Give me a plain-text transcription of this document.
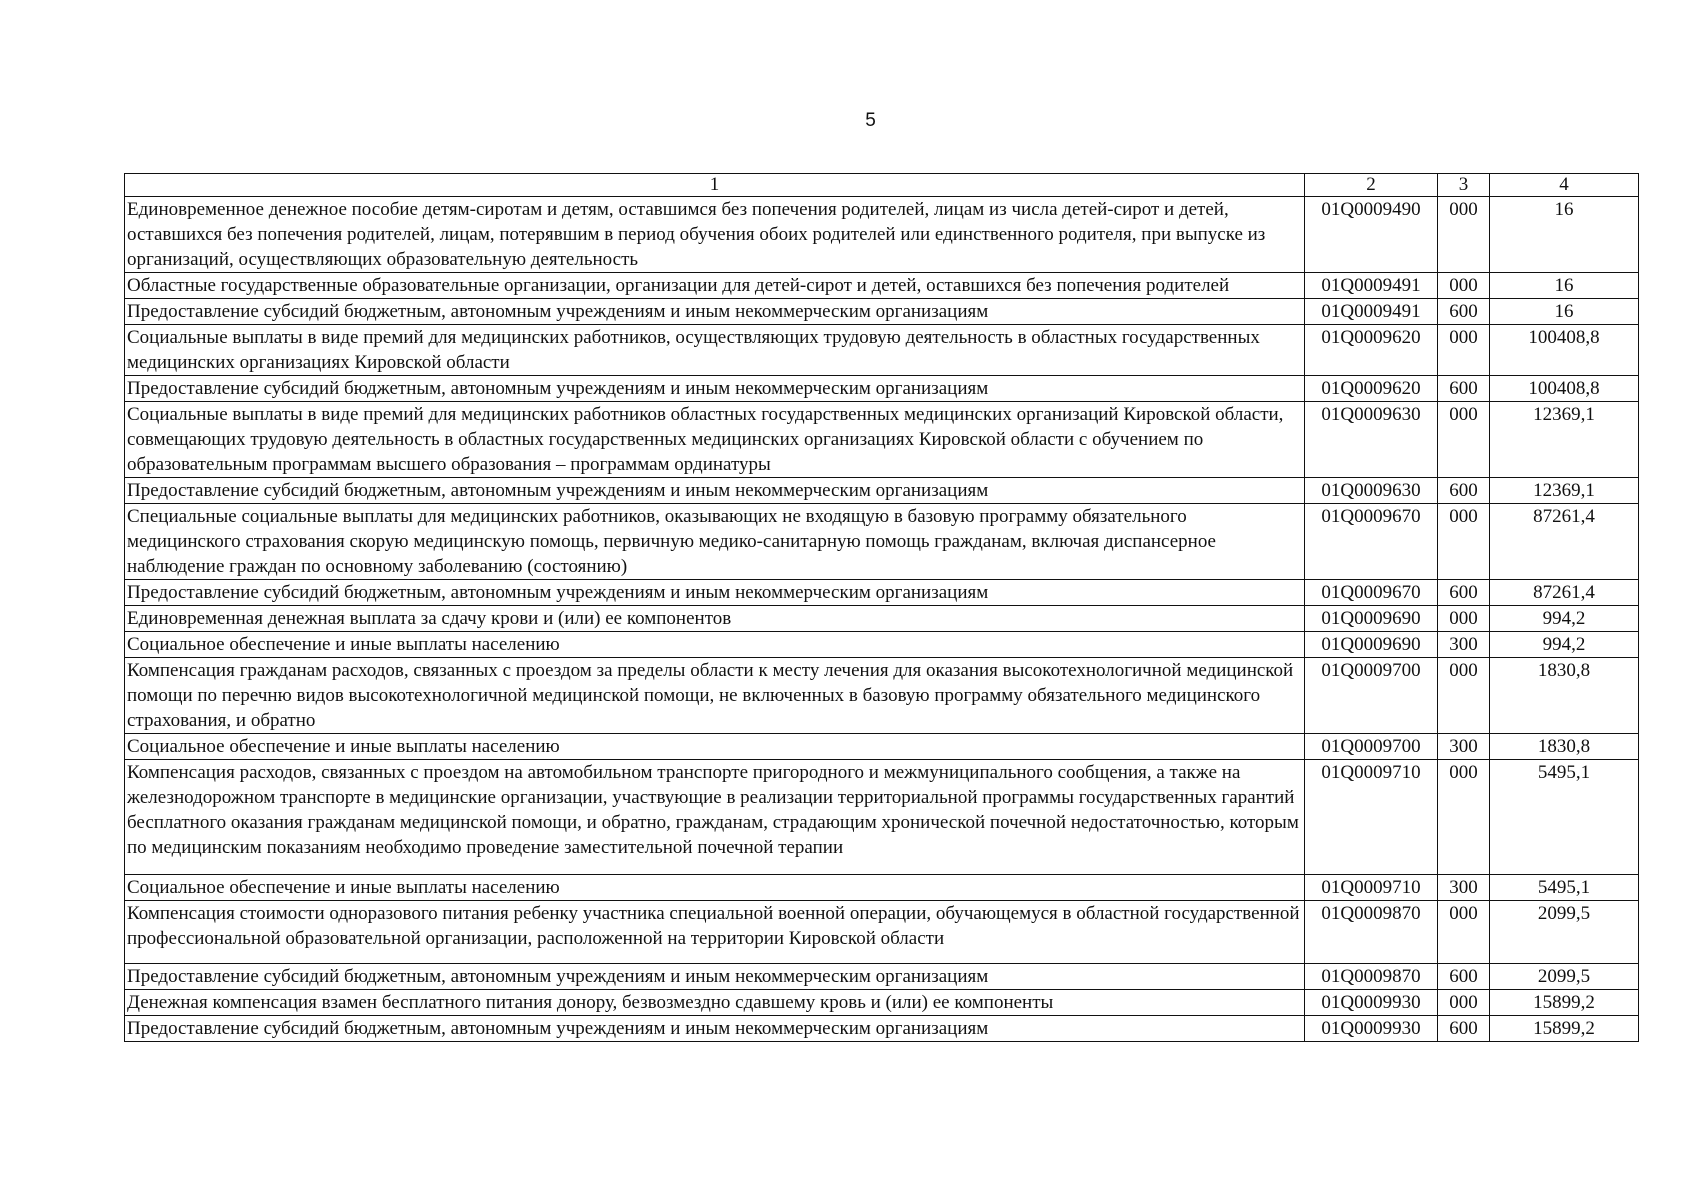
5
1	2	3	4
Единовременное денежное пособие детям-сиротам и детям, оставшимся без попечения родителей, лицам из числа детей-сирот и детей, оставшихся без попечения родителей, лицам, потерявшим в период обучения обоих родителей или единственного родителя, при выпуске из организаций, осуществляющих образовательную деятельность	01Q0009490	000	16
Областные государственные образовательные организации, организации для детей-сирот и детей, оставшихся без попечения родителей	01Q0009491	000	16
Предоставление субсидий бюджетным, автономным учреждениям и иным некоммерческим организациям	01Q0009491	600	16
Социальные выплаты в виде премий для медицинских работников, осуществляющих трудовую деятельность в областных государственных медицинских организациях Кировской области	01Q0009620	000	100408,8
Предоставление субсидий бюджетным, автономным учреждениям и иным некоммерческим организациям	01Q0009620	600	100408,8
Социальные выплаты в виде премий для медицинских работников областных государственных медицинских организаций Кировской области, совмещающих трудовую деятельность в областных государственных медицинских организациях Кировской области с обучением по образовательным программам высшего образования – программам ординатуры	01Q0009630	000	12369,1
Предоставление субсидий бюджетным, автономным учреждениям и иным некоммерческим организациям	01Q0009630	600	12369,1
Специальные социальные выплаты для медицинских работников, оказывающих не входящую в базовую программу обязательного медицинского страхования скорую медицинскую помощь, первичную медико-санитарную помощь гражданам, включая диспансерное наблюдение граждан по основному заболеванию (состоянию)	01Q0009670	000	87261,4
Предоставление субсидий бюджетным, автономным учреждениям и иным некоммерческим организациям	01Q0009670	600	87261,4
Единовременная денежная выплата за сдачу крови и (или) ее компонентов	01Q0009690	000	994,2
Социальное обеспечение и иные выплаты населению	01Q0009690	300	994,2
Компенсация гражданам расходов, связанных с проездом за пределы области к месту лечения для оказания высокотехнологичной медицинской помощи по перечню видов высокотехнологичной медицинской помощи, не включенных в базовую программу обязательного медицинского страхования, и обратно	01Q0009700	000	1830,8
Социальное обеспечение и иные выплаты населению	01Q0009700	300	1830,8
Компенсация расходов, связанных с проездом на автомобильном транспорте пригородного и межмуниципального сообщения, а также на железнодорожном транспорте в медицинские организации, участвующие в реализации территориальной программы государственных гарантий бесплатного оказания гражданам медицинской помощи, и обратно, гражданам, страдающим хронической почечной недостаточностью, которым по медицинским показаниям необходимо проведение заместительной почечной терапии	01Q0009710	000	5495,1
Социальное обеспечение и иные выплаты населению	01Q0009710	300	5495,1
Компенсация стоимости одноразового питания ребенку участника специальной военной операции, обучающемуся в областной государственной профессиональной образовательной организации, расположенной на территории Кировской области	01Q0009870	000	2099,5
Предоставление субсидий бюджетным, автономным учреждениям и иным некоммерческим организациям	01Q0009870	600	2099,5
Денежная компенсация взамен бесплатного питания донору, безвозмездно сдавшему кровь и (или) ее компоненты	01Q0009930	000	15899,2
Предоставление субсидий бюджетным, автономным учреждениям и иным некоммерческим организациям	01Q0009930	600	15899,2
